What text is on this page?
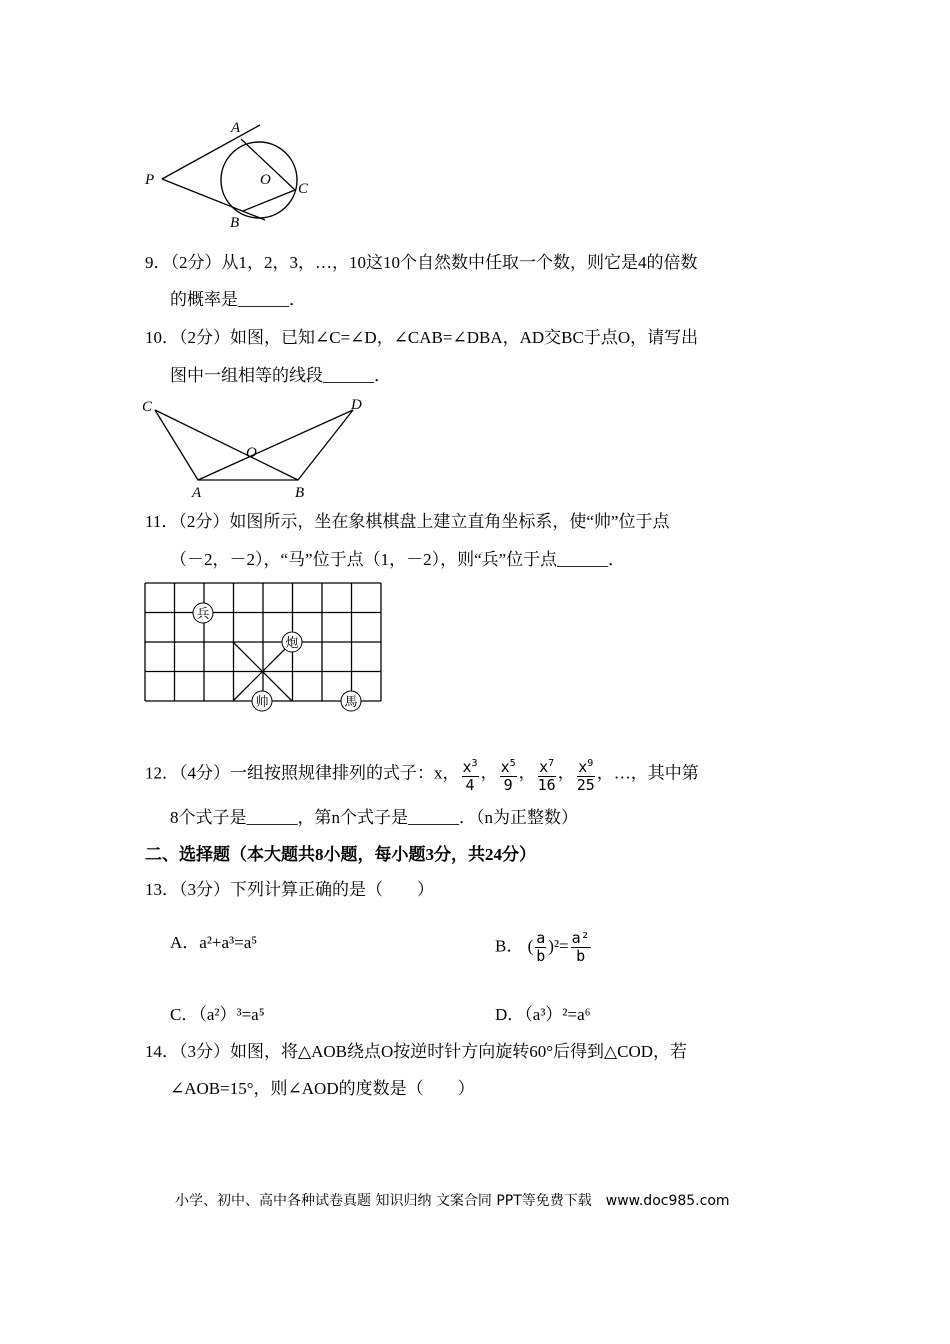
A
P	O
C
B
9．（2分）从1，2，3，…，10这10个自然数中任取一个数，则它是4的倍数
的概率是______．
10．（2分）如图，已知∠C=∠D，∠CAB=∠DBA，AD交BC于点O，请写出
图中一组相等的线段______．
C	D
O
A	B
11．（2分）如图所示，坐在象棋棋盘上建立直角坐标系，使“帅”位于点
（－2，－2），“马”位于点（1，－2），则“兵”位于点______．
兵
炮
帅	馬
12．（4分）一组按照规律排列的式子：x， $\frac{x^3}{4}$ ， $\frac{x^5}{9}$ ， $\frac{x^7}{16}$ ， $\frac{x^9}{25}$ ，…，其中第
8个式子是______，第n个式子是______．（n为正整数）
二、选择题（本大题共8小题，每小题3分，共24分）
13．（3分）下列计算正确的是（　　）
A．a²+a³=a⁵	B． ( $\frac{a}{b} )^2= \frac{\text{a²}}{b}$
C．（a²）³=a⁵	D．（a³）²=a⁶
14．（3分）如图，将△AOB绕点O按逆时针方向旋转60°后得到△COD，若
∠AOB=15°，则∠AOD的度数是（　　）
小学、初中、高中各种试卷真题 知识归纳 文案合同 PPT等免费下载　www.doc985.com
